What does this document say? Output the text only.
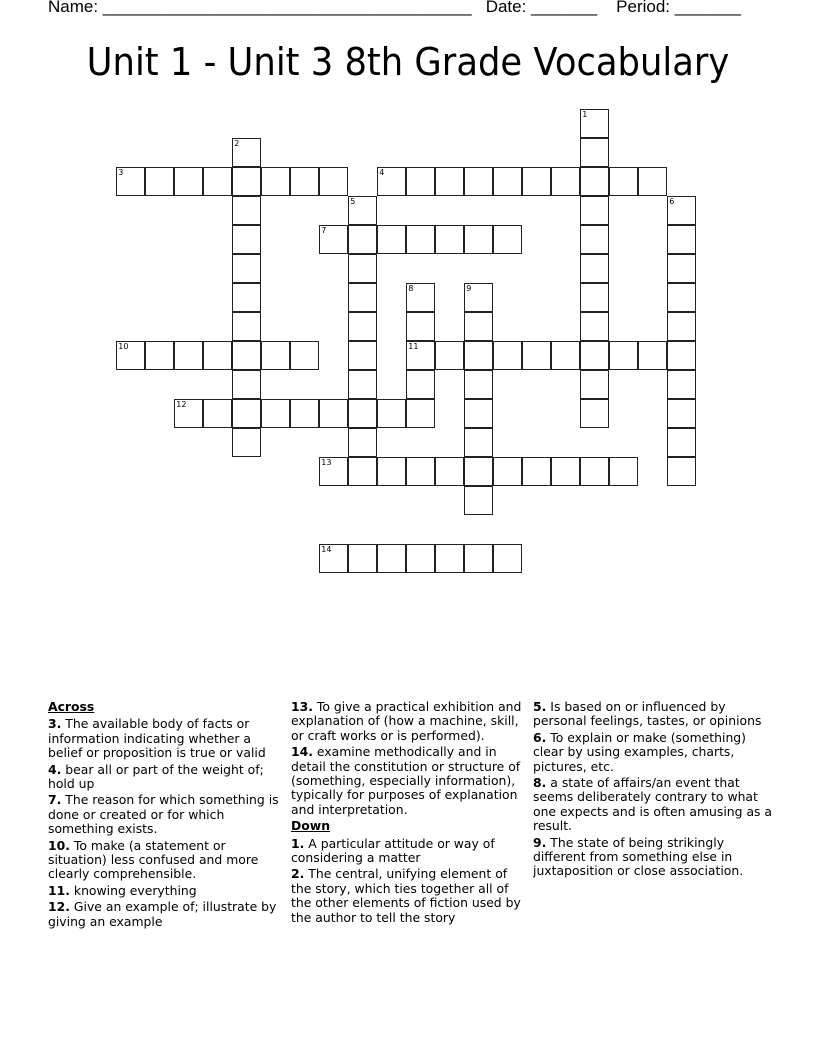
Name: _______________________________________ Date: _______ Period: _______
Unit 1 - Unit 3 8th Grade Vocabulary
1
2
3	4
5	6
7
8
11
9
10
12
13
14
Across
3. The available body of facts or information indicating whether a belief or proposition is true or valid
4. bear all or part of the weight of; hold up
7. The reason for which something is done or created or for which something exists.
10. To make (a statement or situation) less confused and more clearly comprehensible.
11. knowing everything
12. Give an example of; illustrate by giving an example
13. To give a practical exhibition and explanation of (how a machine, skill, or craft works or is performed).
14. examine methodically and in detail the constitution or structure of (something, especially information), typically for purposes of explanation and interpretation.
Down
1. A particular attitude or way of considering a matter
2. The central, unifying element of the story, which ties together all of the other elements of fiction used by the author to tell the story
5. Is based on or influenced by personal feelings, tastes, or opinions
6. To explain or make (something) clear by using examples, charts, pictures, etc.
8. a state of affairs/an event that seems deliberately contrary to what one expects and is often amusing as a result.
9. The state of being strikingly different from something else in juxtaposition or close association.
